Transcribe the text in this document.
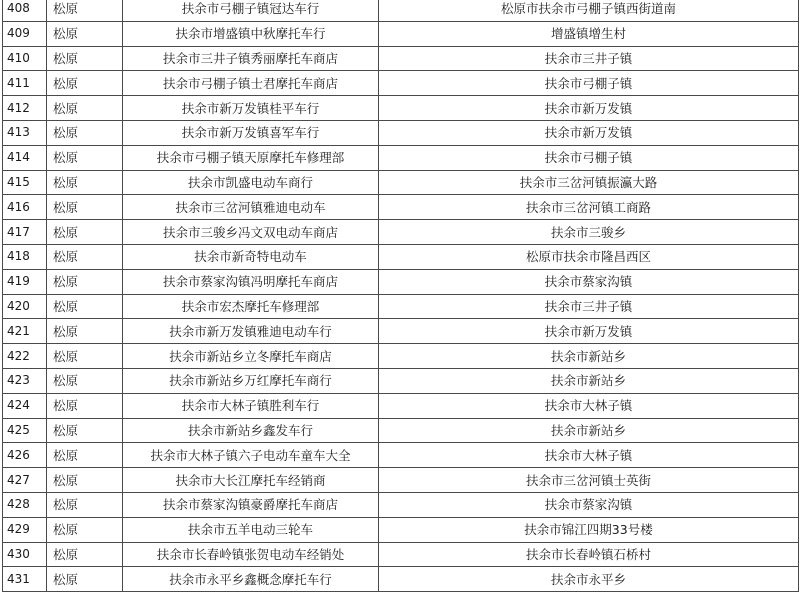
408	松原	扶余市弓棚子镇冠达车行	松原市扶余市弓棚子镇西街道南
409	松原	扶余市增盛镇中秋摩托车行	增盛镇增生村
410	松原	扶余市三井子镇秀丽摩托车商店	扶余市三井子镇
411	松原	扶余市弓棚子镇士君摩托车商店	扶余市弓棚子镇
412	松原	扶余市新万发镇桂平车行	扶余市新万发镇
413	松原	扶余市新万发镇喜军车行	扶余市新万发镇
414	松原	扶余市弓棚子镇天原摩托车修理部	扶余市弓棚子镇
415	松原	扶余市凯盛电动车商行	扶余市三岔河镇振瀛大路
416	松原	扶余市三岔河镇雅迪电动车	扶余市三岔河镇工商路
417	松原	扶余市三骏乡冯文双电动车商店	扶余市三骏乡
418	松原	扶余市新奇特电动车	松原市扶余市隆昌西区
419	松原	扶余市蔡家沟镇冯明摩托车商店	扶余市蔡家沟镇
420	松原	扶余市宏杰摩托车修理部	扶余市三井子镇
421	松原	扶余市新万发镇雅迪电动车行	扶余市新万发镇
422	松原	扶余市新站乡立冬摩托车商店	扶余市新站乡
423	松原	扶余市新站乡万红摩托车商行	扶余市新站乡
424	松原	扶余市大林子镇胜利车行	扶余市大林子镇
425	松原	扶余市新站乡鑫发车行	扶余市新站乡
426	松原	扶余市大林子镇六子电动车童车大全	扶余市大林子镇
427	松原	扶余市大长江摩托车经销商	扶余市三岔河镇士英街
428	松原	扶余市蔡家沟镇豪爵摩托车商店	扶余市蔡家沟镇
429	松原	扶余市五羊电动三轮车	扶余市锦江四期33号楼
430	松原	扶余市长春岭镇张贺电动车经销处	扶余市长春岭镇石桥村
431	松原	扶余市永平乡鑫概念摩托车行	扶余市永平乡
